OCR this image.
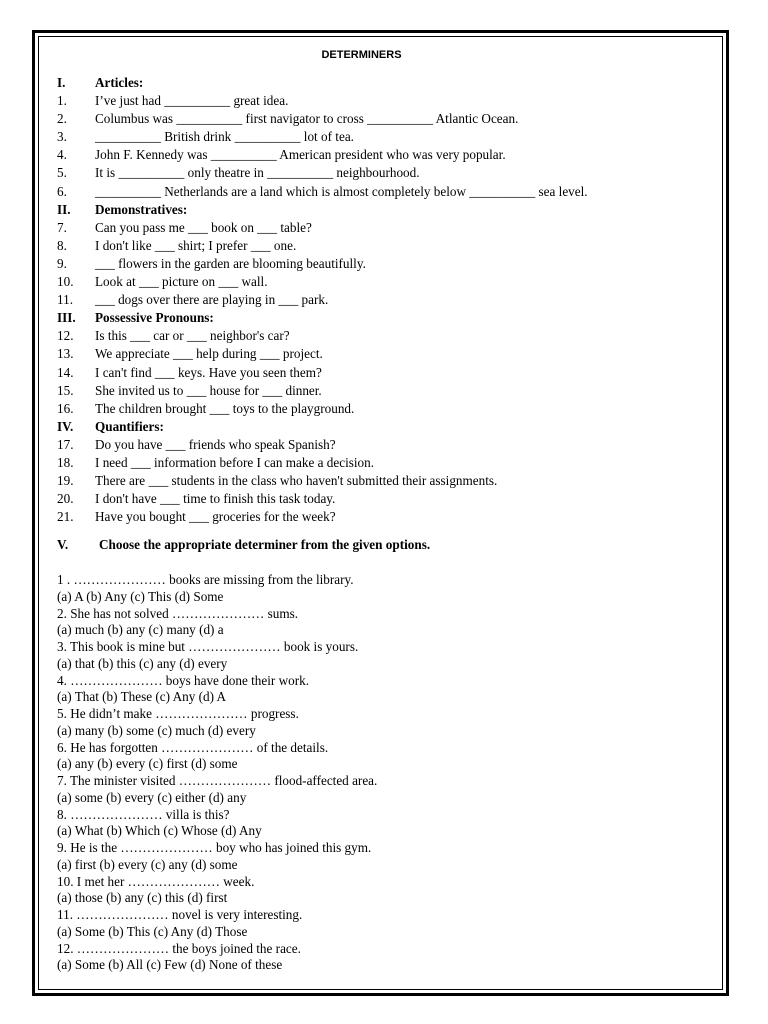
DETERMINERS
I.	Articles:
1.	I’ve just had __________ great idea.
2.	Columbus was __________ first navigator to cross __________ Atlantic Ocean.
3.	__________ British drink __________ lot of tea.
4.	John F. Kennedy was __________ American president who was very popular.
5.	It is __________ only theatre in __________ neighbourhood.
6.	__________ Netherlands are a land which is almost completely below __________ sea level.
II.	Demonstratives:
7.	Can you pass me ___ book on ___ table?
8.	I don't like ___ shirt; I prefer ___ one.
9.	___ flowers in the garden are blooming beautifully.
10.	Look at ___ picture on ___ wall.
11.	___ dogs over there are playing in ___ park.
III.	Possessive Pronouns:
12.	Is this ___ car or ___ neighbor's car?
13.	We appreciate ___ help during ___ project.
14.	I can't find ___ keys. Have you seen them?
15.	She invited us to ___ house for ___ dinner.
16.	The children brought ___ toys to the playground.
IV.	Quantifiers:
17.	Do you have ___ friends who speak Spanish?
18.	I need ___ information before I can make a decision.
19.	There are ___ students in the class who haven't submitted their assignments.
20.	I don't have ___ time to finish this task today.
21.	Have you bought ___ groceries for the week?
V.	Choose the appropriate determiner from the given options.
1 . ………………… books are missing from the library.
(a) A (b) Any (c) This (d) Some
2. She has not solved ………………… sums.
(a) much (b) any (c) many (d) a
3. This book is mine but ………………… book is yours.
(a) that (b) this (c) any (d) every
4. ………………… boys have done their work.
(a) That (b) These (c) Any (d) A
5. He didn’t make ………………… progress.
(a) many (b) some (c) much (d) every
6. He has forgotten ………………… of the details.
(a) any (b) every (c) first (d) some
7. The minister visited ………………… flood-affected area.
(a) some (b) every (c) either (d) any
8. ………………… villa is this?
(a) What (b) Which (c) Whose (d) Any
9. He is the ………………… boy who has joined this gym.
(a) first (b) every (c) any (d) some
10. I met her ………………… week.
(a) those (b) any (c) this (d) first
11. ………………… novel is very interesting.
(a) Some (b) This (c) Any (d) Those
12. ………………… the boys joined the race.
(a) Some (b) All (c) Few (d) None of these
